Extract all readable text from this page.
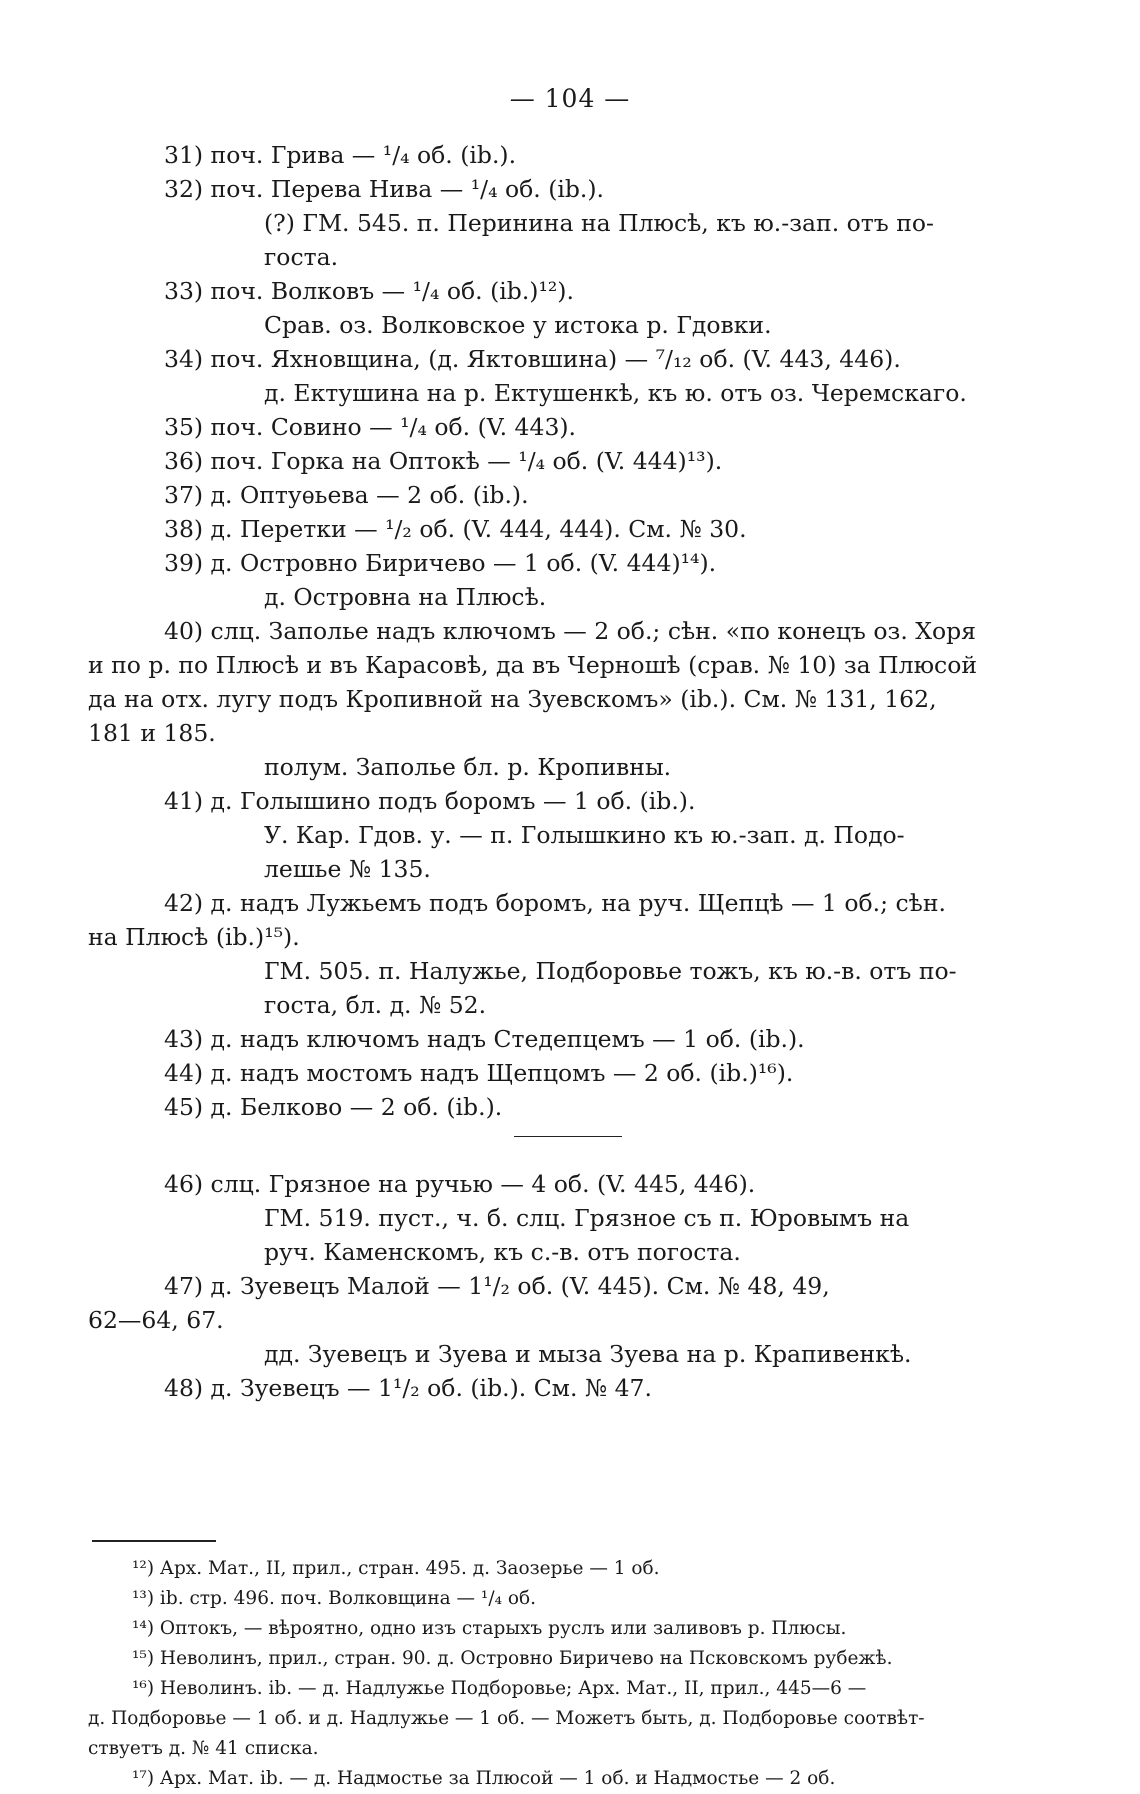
— 104 —
31) поч. Грива — ¹/₄ об. (ib.).
32) поч. Перева Нива — ¹/₄ об. (ib.).
(?) ГМ. 545. п. Перинина на Плюсѣ, къ ю.-зап. отъ по-
госта.
33) поч. Волковъ — ¹/₄ об. (ib.)¹²).
Срав. оз. Волковское у истока р. Гдовки.
34) поч. Яхновщина, (д. Яктовшина) — ⁷/₁₂ об. (V. 443, 446).
д. Ектушина на р. Ектушенкѣ, къ ю. отъ оз. Черемскаго.
35) поч. Совино — ¹/₄ об. (V. 443).
36) поч. Горка на Оптокѣ — ¹/₄ об. (V. 444)¹³).
37) д. Оптуѳьева — 2 об. (ib.).
38) д. Перетки — ¹/₂ об. (V. 444, 444). См. № 30.
39) д. Островно Биричево — 1 об. (V. 444)¹⁴).
д. Островна на Плюсѣ.
40) слц. Заполье надъ ключомъ — 2 об.; сѣн. «по конецъ оз. Хоря
и по р. по Плюсѣ и въ Карасовѣ, да въ Черношѣ (срав. № 10) за Плюсой
да на отх. лугу подъ Кропивной на Зуевскомъ» (ib.). См. № 131, 162,
181 и 185.
полум. Заполье бл. р. Кропивны.
41) д. Голышино подъ боромъ — 1 об. (ib.).
У. Кар. Гдов. у. — п. Голышкино къ ю.-зап. д. Подо-
лешье № 135.
42) д. надъ Лужьемъ подъ боромъ, на руч. Щепцѣ — 1 об.; сѣн.
на Плюсѣ (ib.)¹⁵).
ГМ. 505. п. Налужье, Подборовье тожъ, къ ю.-в. отъ по-
госта, бл. д. № 52.
43) д. надъ ключомъ надъ Стедепцемъ — 1 об. (ib.).
44) д. надъ мостомъ надъ Щепцомъ — 2 об. (ib.)¹⁶).
45) д. Белково — 2 об. (ib.).
46) слц. Грязное на ручью — 4 об. (V. 445, 446).
ГМ. 519. пуст., ч. б. слц. Грязное съ п. Юровымъ на
руч. Каменскомъ, къ с.-в. отъ погоста.
47) д. Зуевецъ Малой — 1¹/₂ об. (V. 445). См. № 48, 49,
62—64, 67.
дд. Зуевецъ и Зуева и мыза Зуева на р. Крапивенкѣ.
48) д. Зуевецъ — 1¹/₂ об. (ib.). См. № 47.
¹²) Арх. Мат., II, прил., стран. 495. д. Заозерье — 1 об.
¹³) ib. стр. 496. поч. Волковщина — ¹/₄ об.
¹⁴) Оптокъ, — вѣроятно, одно изъ старыхъ руслъ или заливовъ р. Плюсы.
¹⁵) Неволинъ, прил., стран. 90. д. Островно Биричево на Псковскомъ рубежѣ.
¹⁶) Неволинъ. ib. — д. Надлужье Подборовье; Арх. Мат., II, прил., 445—6 —
д. Подборовье — 1 об. и д. Надлужье — 1 об. — Можетъ быть, д. Подборовье соотвѣт-
ствуетъ д. № 41 списка.
¹⁷) Арх. Мат. ib. — д. Надмостье за Плюсой — 1 об. и Надмостье — 2 об.
